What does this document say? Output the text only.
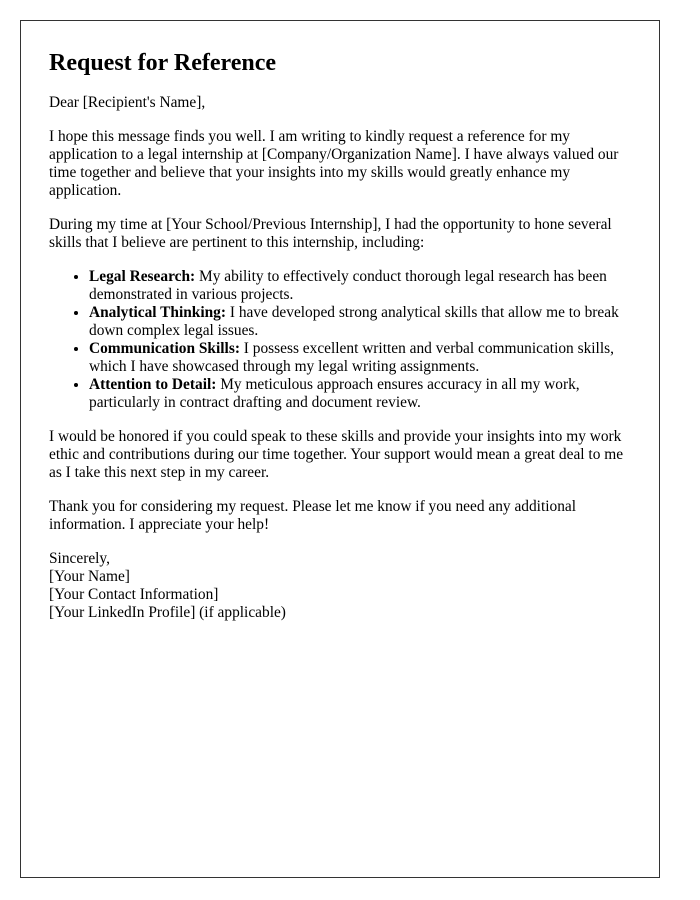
Request for Reference

Dear [Recipient's Name],

I hope this message finds you well. I am writing to kindly request a reference for my application to a legal internship at [Company/Organization Name]. I have always valued our time together and believe that your insights into my skills would greatly enhance my application.

During my time at [Your School/Previous Internship], I had the opportunity to hone several skills that I believe are pertinent to this internship, including:

• Legal Research: My ability to effectively conduct thorough legal research has been demonstrated in various projects.
• Analytical Thinking: I have developed strong analytical skills that allow me to break down complex legal issues.
• Communication Skills: I possess excellent written and verbal communication skills, which I have showcased through my legal writing assignments.
• Attention to Detail: My meticulous approach ensures accuracy in all my work, particularly in contract drafting and document review.

I would be honored if you could speak to these skills and provide your insights into my work ethic and contributions during our time together. Your support would mean a great deal to me as I take this next step in my career.

Thank you for considering my request. Please let me know if you need any additional information. I appreciate your help!

Sincerely,
[Your Name]
[Your Contact Information]
[Your LinkedIn Profile] (if applicable)
